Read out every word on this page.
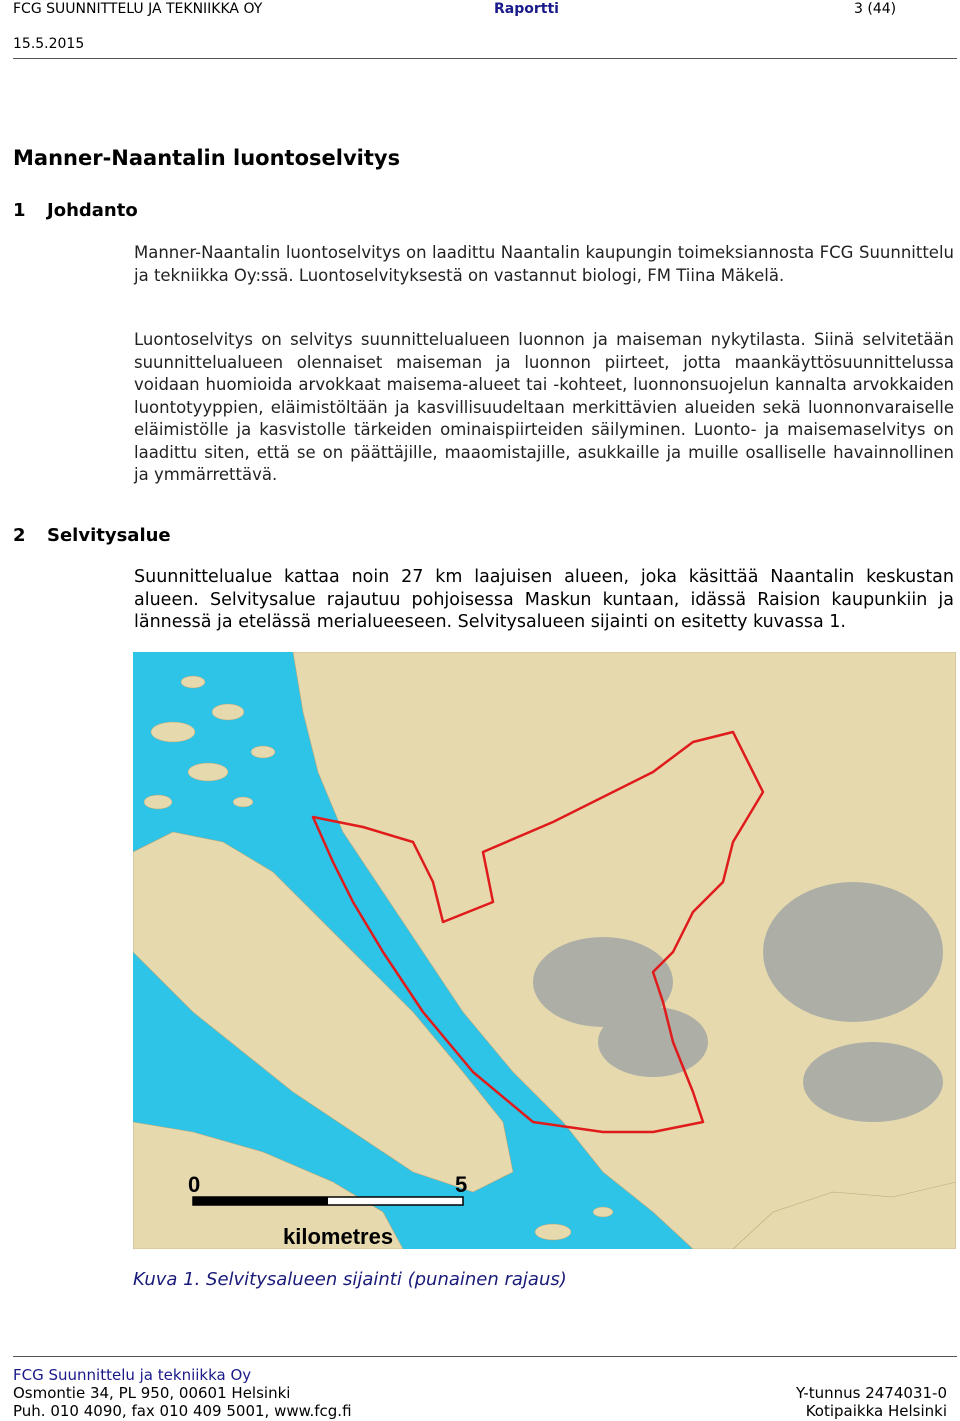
FCG SUUNNITTELU JA TEKNIIKKA OY	Raportti	3 (44)
15.5.2015
Manner-Naantalin luontoselvitys
1 Johdanto

Manner-Naantalin luontoselvitys on laadittu Naantalin kaupungin toimeksiannosta FCG Suunnittelu ja tekniikka Oy:ssä. Luontoselvityksestä on vastannut biologi, FM Tiina Mäkelä.

Luontoselvitys on selvitys suunnittelualueen luonnon ja maiseman nykytilasta. Siinä selvitetään suunnittelualueen olennaiset maiseman ja luonnon piirteet, jotta maankäyttösuunnittelussa voidaan huomioida arvokkaat maisema-alueet tai -kohteet, luonnonsuojelun kannalta arvokkaiden luontotyyppien, eläimistöltään ja kasvillisuudeltaan merkittävien alueiden sekä luonnonvaraiselle eläimistölle ja kasvistolle tärkeiden ominaispiirteiden säilyminen. Luonto- ja maisemaselvitys on laadittu siten, että se on päättäjille, maaomistajille, asukkaille ja muille osalliselle havainnollinen ja ymmärrettävä.

2 Selvitysalue

Suunnittelualue kattaa noin 27 km laajuisen alueen, joka käsittää Naantalin keskustan alueen. Selvitysalue rajautuu pohjoisessa Maskun kuntaan, idässä Raision kaupunkiin ja lännessä ja etelässä merialueeseen. Selvitysalueen sijainti on esitetty kuvassa 1.

0	5
kilometres

Kuva 1. Selvitysalueen sijainti (punainen rajaus)

FCG Suunnittelu ja tekniikka Oy
Osmontie 34, PL 950, 00601 Helsinki
Puh. 010 4090, fax 010 409 5001, www.fcg.fi
Y-tunnus 2474031-0
Kotipaikka Helsinki
